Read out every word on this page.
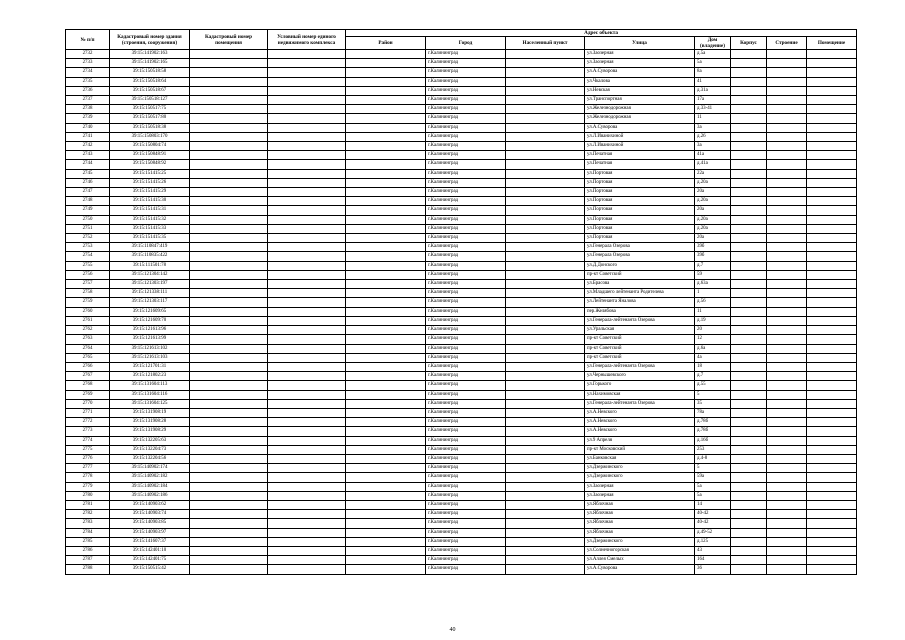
№ п/п	Кадастровый номер здания (строения, сооружения)	Кадастровый номер помещения	Условный номер единого недвижимого комплекса	Адрес объекта							
				Район	Город	Населенный пункт	Улица	Дом (владение)	Корпус	Строение	Помещение
2732	39:15:141902:163				г.Калининград		ул.Заозерная	д.5а			
2733	39:15:141902:165				г.Калининград		ул.Заозерная	5а			
2734	39:15:150518:58				г.Калининград		ул.А.Суворова	8а			
2735	39:15:150518:64				г.Калининград		ул.Чкалова	41			
2736	39:15:150518:67				г.Калининград		ул.Невская	д.31а			
2737	39:15:150518:127				г.Калининград		ул.Транспортная	17а			
2738	39:15:150517:75				г.Калининград		ул.Железнодорожная	д.33-41			
2739	39:15:150517:80				г.Калининград		ул.Железнодорожная	11			
2740	39:15:150518:38				г.Калининград		ул.А.Суворова	3а			
2741	39:15:150803:170				г.Калининград		ул.Л.Иванихиной	д.26			
2742	39:15:150804:74				г.Калининград		ул.Л.Иванихиной	3а			
2743	39:15:150848:91				г.Калининград		ул.Печатная	41а			
2744	39:15:150848:92				г.Калининград		ул.Печатная	д.41а			
2745	39:15:151415:25				г.Калининград		ул.Портовая	22а			
2746	39:15:151415:26				г.Калининград		ул.Портовая	д.20а			
2747	39:15:151415:29				г.Калининград		ул.Портовая	20а			
2748	39:15:151415:30				г.Калининград		ул.Портовая	д.20а			
2749	39:15:151415:31				г.Калининград		ул.Портовая	20а			
2750	39:15:151415:32				г.Калининград		ул.Портовая	д.20а			
2751	39:15:151415:33				г.Калининград		ул.Портовая	д.20а			
2752	39:15:151415:35				г.Калининград		ул.Портовая	20а			
2753	39:15:110847:419				г.Калининград		ул.Генерала Озерова	39б			
2754	39:15:110835:422				г.Калининград		ул.Генерала Озерова	39б			
2755	39:15:111501:78				г.Калининград		ул.Д.Донского	д.7			
2756	39:15:121304:142				г.Калининград		пр-кт Советский	59			
2757	39:15:121303:197				г.Калининград		ул.Брасова	д.63а			
2758	39:15:121338:111				г.Калининград		ул.Младшего лейтенанта Родителева	1			
2759	39:15:121303:117				г.Калининград		ул.Лейтенанта Яналова	д.56			
2760	39:15:121609:65				г.Калининград		пер.Желябова	11			
2761	39:15:121609:70				г.Калининград		ул.Генерала-лейтенанта Озерова	д.19			
2762	39:15:121613:96				г.Калининград		ул.Уральская	20			
2763	39:15:121613:99				г.Калининград		пр-кт Советский	12			
2764	39:15:121613:102				г.Калининград		пр-кт Советский	д.6а			
2765	39:15:121613:103				г.Калининград		пр-кт Советский	4а			
2766	39:15:121701:31				г.Калининград		ул.Генерала-лейтенанта Озерова	18			
2767	39:15:121802:23				г.Калининград		ул.Чернышевского	д.7			
2768	39:15:131604:113				г.Калининград		ул.Горького	д.55			
2769	39:15:131604:116				г.Калининград		ул.Нахимовская	5			
2770	39:15:131604:125				г.Калининград		ул.Генерала-лейтенанта Озерова	35			
2771	39:15:131908:19				г.Калининград		ул.А.Невского	78а			
2772	39:15:131908:28				г.Калининград		ул.А.Невского	д.78б			
2773	39:15:131908:29				г.Калининград		ул.А.Невского	д.78б			
2774	39:15:132205:63				г.Калининград		ул.9 Апреля	д.16б			
2775	39:15:132204:73				г.Калининград		пр-кт Московский	253			
2776	39:15:132204:56				г.Калининград		ул.Банковская	д.4-8			
2777	39:15:140902:174				г.Калининград		ул.Дзержинского	5			
2778	39:15:140902:182				г.Калининград		ул.Дзержинского	59а			
2779	39:15:140902:184				г.Калининград		ул.Заозерная	5а			
2780	39:15:140902:186				г.Калининград		ул.Заозерная	5а			
2781	39:15:140903:62				г.Калининград		ул.Яблочная	14			
2782	39:15:140903:74				г.Калининград		ул.Яблочная	40-42			
2783	39:15:140903:85				г.Калининград		ул.Яблочная	40-42			
2784	39:15:140903:97				г.Калининград		ул.Яблочная	д.49-52			
2785	39:15:141607:37				г.Калининград		ул.Дзержинского	д.125			
2786	39:15:142401:10				г.Калининград		ул.Солнечногорская	43			
2787	39:15:142401:75				г.Калининград		ул.Аллея Смелых	164			
2788	39:15:150515:42				г.Калининград		ул.А.Суворова	36			
40
